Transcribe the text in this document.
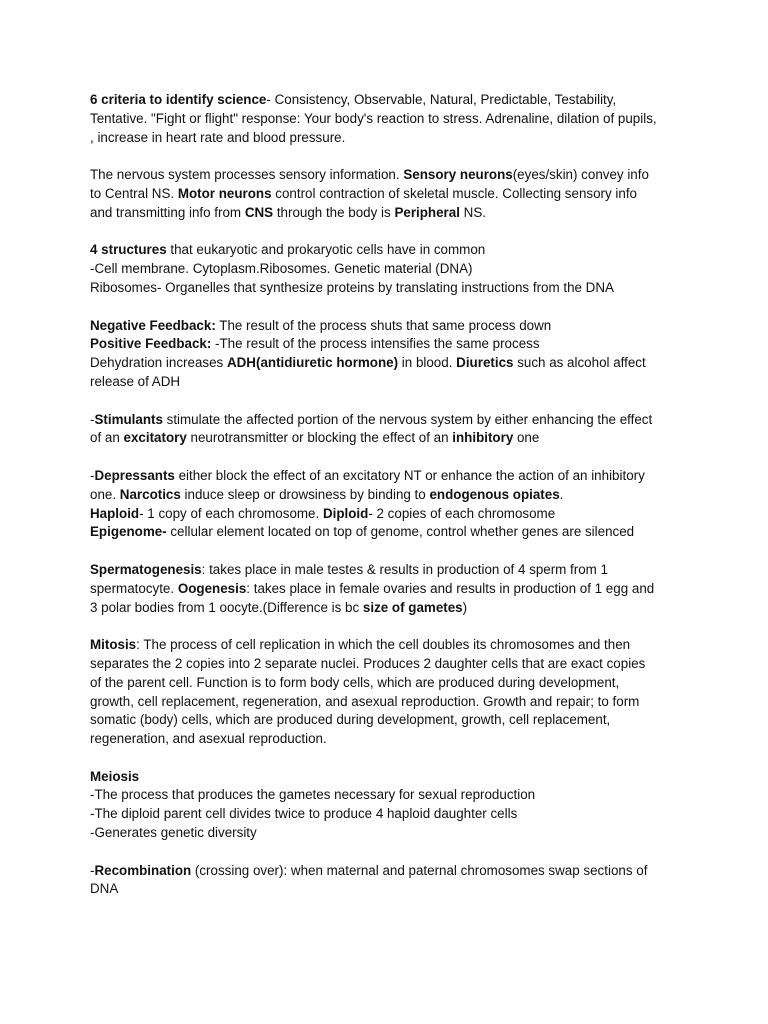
6 criteria to identify science- Consistency, Observable, Natural, Predictable, Testability,
Tentative. "Fight or flight" response: Your body's reaction to stress. Adrenaline, dilation of pupils,
, increase in heart rate and blood pressure.
The nervous system processes sensory information. Sensory neurons(eyes/skin) convey info
to Central NS. Motor neurons control contraction of skeletal muscle. Collecting sensory info
and transmitting info from CNS through the body is Peripheral NS.
4 structures that eukaryotic and prokaryotic cells have in common
-Cell membrane. Cytoplasm.Ribosomes. Genetic material (DNA)
Ribosomes- Organelles that synthesize proteins by translating instructions from the DNA
Negative Feedback: The result of the process shuts that same process down
Positive Feedback: -The result of the process intensifies the same process
Dehydration increases ADH(antidiuretic hormone) in blood. Diuretics such as alcohol affect
release of ADH
-Stimulants stimulate the affected portion of the nervous system by either enhancing the effect
of an excitatory neurotransmitter or blocking the effect of an inhibitory one
-Depressants either block the effect of an excitatory NT or enhance the action of an inhibitory
one. Narcotics induce sleep or drowsiness by binding to endogenous opiates.
Haploid- 1 copy of each chromosome. Diploid- 2 copies of each chromosome
Epigenome- cellular element located on top of genome, control whether genes are silenced
Spermatogenesis: takes place in male testes & results in production of 4 sperm from 1
spermatocyte. Oogenesis: takes place in female ovaries and results in production of 1 egg and
3 polar bodies from 1 oocyte.(Difference is bc size of gametes)
Mitosis: The process of cell replication in which the cell doubles its chromosomes and then
separates the 2 copies into 2 separate nuclei. Produces 2 daughter cells that are exact copies
of the parent cell. Function is to form body cells, which are produced during development,
growth, cell replacement, regeneration, and asexual reproduction. Growth and repair; to form
somatic (body) cells, which are produced during development, growth, cell replacement,
regeneration, and asexual reproduction.
Meiosis
-The process that produces the gametes necessary for sexual reproduction
-The diploid parent cell divides twice to produce 4 haploid daughter cells
-Generates genetic diversity
-Recombination (crossing over): when maternal and paternal chromosomes swap sections of
DNA
